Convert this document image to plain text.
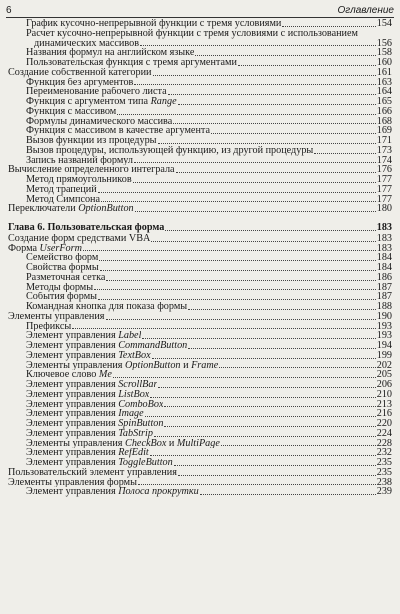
6	Оглавление
График кусочно-непрерывной функции с тремя условиями	154
Расчет кусочно-непрерывной функции с тремя условиями с использованием
динамических массивов	156
Названия формул на английском языке	158
Пользовательская функция с тремя аргументами	160
Создание собственной категории	161
Функция без аргументов	163
Переименование рабочего листа	164
Функция с аргументом типа Range	165
Функция с массивом	166
Формулы динамического массива	168
Функция с массивом в качестве аргумента	169
Вызов функции из процедуры	171
Вызов процедуры, использующей функцию, из другой процедуры	173
Запись названий формул	174
Вычисление определенного интеграла	176
Метод прямоугольников	177
Метод трапеций	177
Метод Симпсона	177
Переключатели OptionButton	180
Глава 6. Пользовательская форма	183
Создание форм средствами VBA	183
Форма UserForm	183
Семейство форм	184
Свойства формы	184
Разметочная сетка	186
Методы формы	187
События формы	187
Командная кнопка для показа формы	188
Элементы управления	190
Префиксы	193
Элемент управления Label	193
Элемент управления CommandButton	194
Элемент управления TextBox	199
Элементы управления OptionButton и Frame	202
Ключевое слово Me	205
Элемент управления ScrollBar	206
Элемент управления ListBox	210
Элемент управления ComboBox	213
Элемент управления Image	216
Элемент управления SpinButton	220
Элемент управления TabStrip	224
Элементы управления CheckBox и MultiPage	228
Элемент управления RefEdit	232
Элемент управления ToggleButton	235
Пользовательский элемент управления	235
Элементы управления формы	238
Элемент управления Полоса прокрутки	239
